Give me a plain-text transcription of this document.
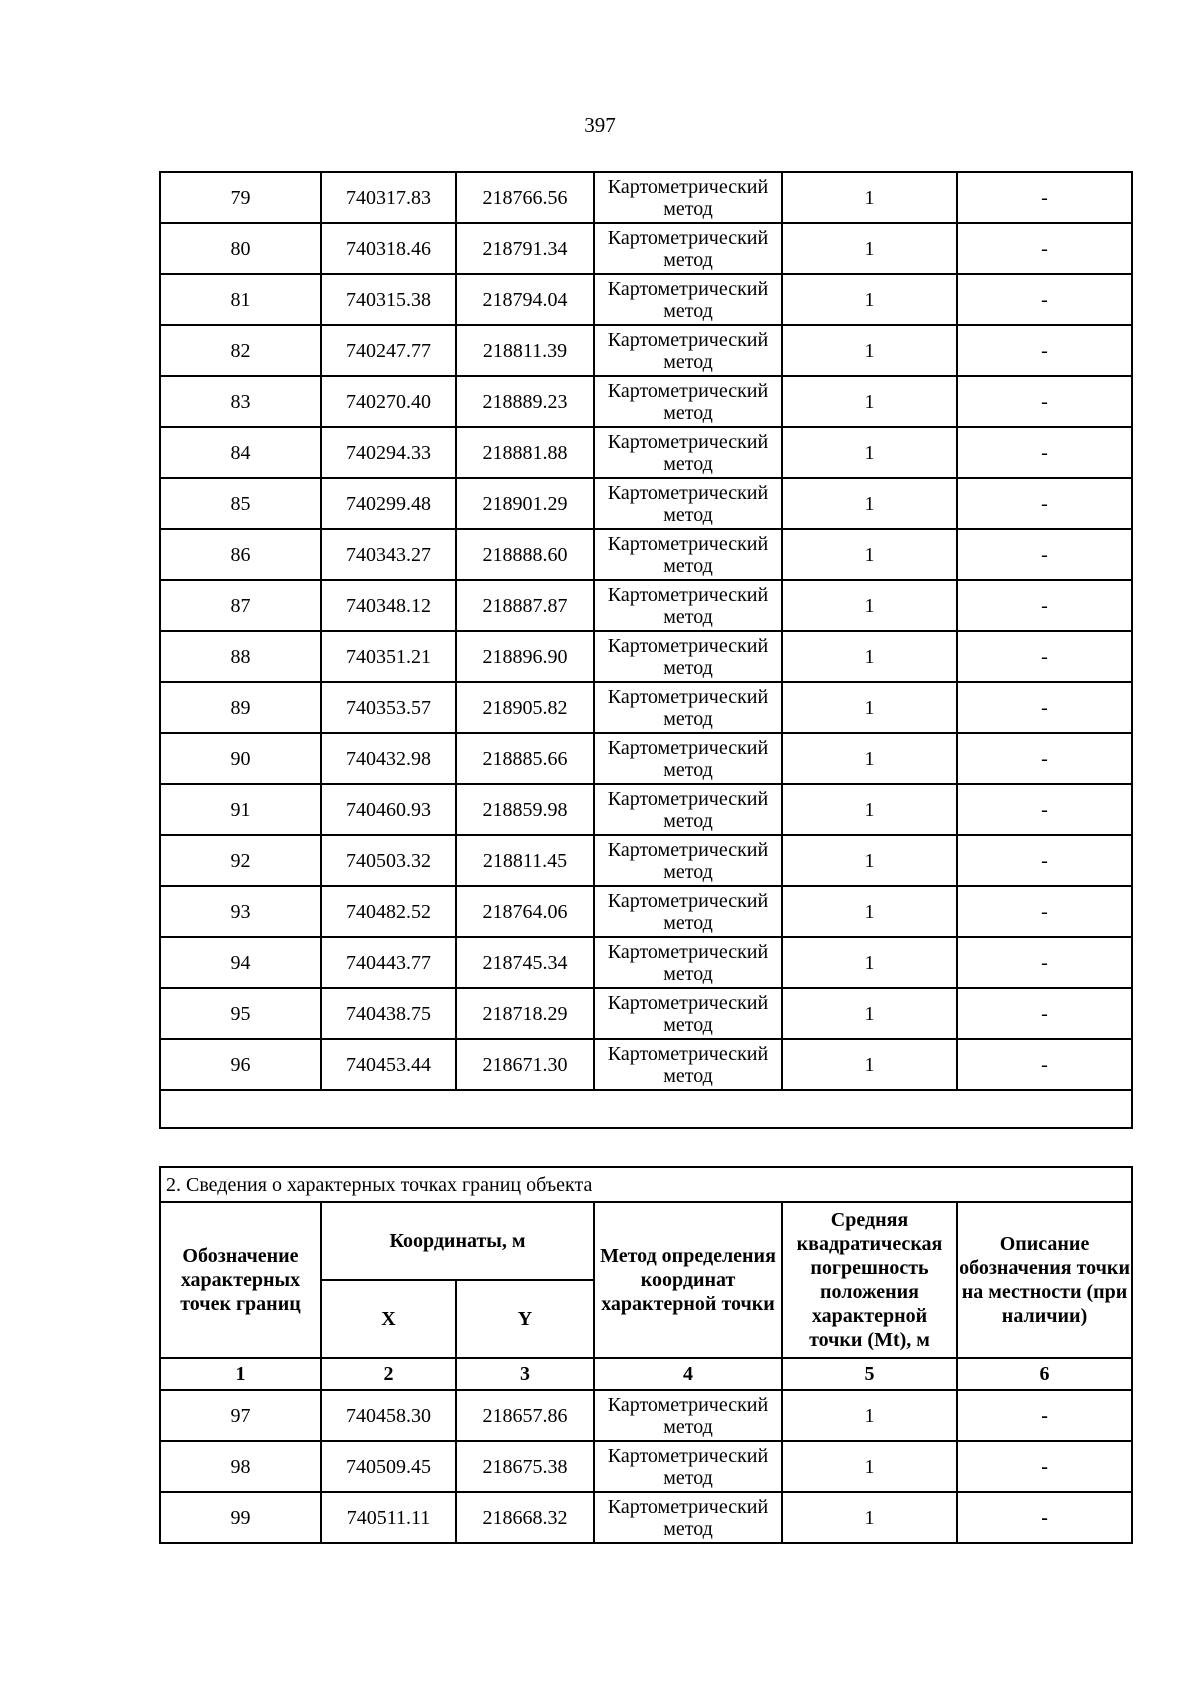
397
79	740317.83	218766.56	Картометрический метод	1	-
80	740318.46	218791.34	Картометрический метод	1	-
81	740315.38	218794.04	Картометрический метод	1	-
82	740247.77	218811.39	Картометрический метод	1	-
83	740270.40	218889.23	Картометрический метод	1	-
84	740294.33	218881.88	Картометрический метод	1	-
85	740299.48	218901.29	Картометрический метод	1	-
86	740343.27	218888.60	Картометрический метод	1	-
87	740348.12	218887.87	Картометрический метод	1	-
88	740351.21	218896.90	Картометрический метод	1	-
89	740353.57	218905.82	Картометрический метод	1	-
90	740432.98	218885.66	Картометрический метод	1	-
91	740460.93	218859.98	Картометрический метод	1	-
92	740503.32	218811.45	Картометрический метод	1	-
93	740482.52	218764.06	Картометрический метод	1	-
94	740443.77	218745.34	Картометрический метод	1	-
95	740438.75	218718.29	Картометрический метод	1	-
96	740453.44	218671.30	Картометрический метод	1	-

2. Сведения о характерных точках границ объекта					
Обозначение характерных точек границ	Координаты, м		Метод определения координат характерной точки	Средняя квадратическая погрешность положения характерной точки (Mt), м	Описание обозначения точки на местности (при наличии)
	X	Y			
1	2	3	4	5	6
97	740458.30	218657.86	Картометрический метод	1	-
98	740509.45	218675.38	Картометрический метод	1	-
99	740511.11	218668.32	Картометрический метод	1	-
